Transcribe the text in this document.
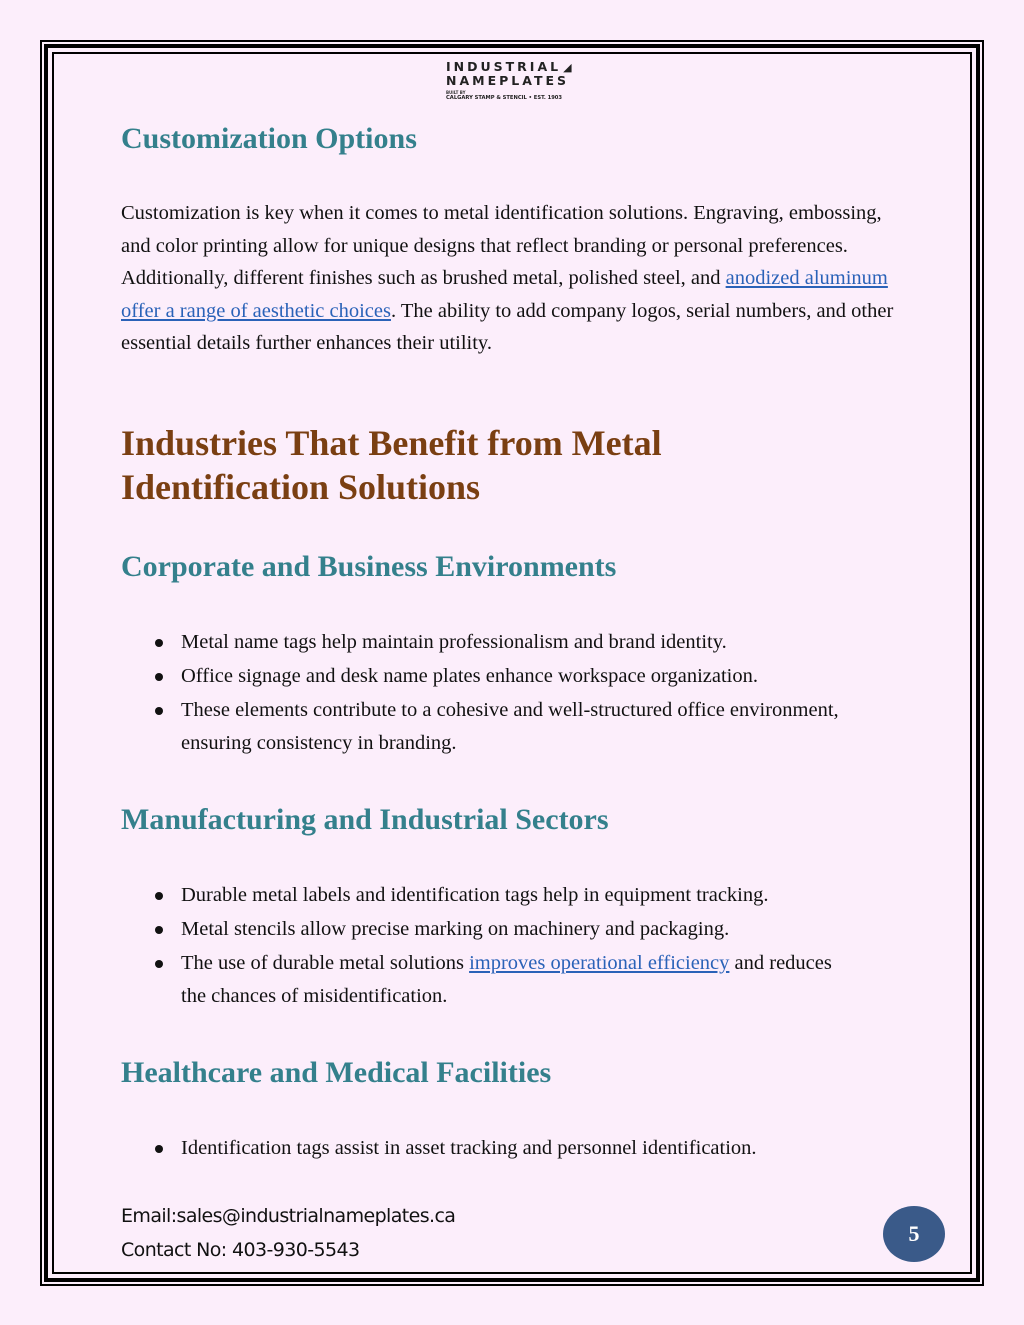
INDUSTRIAL ◢
NAMEPLATES
BUILT BY
CALGARY STAMP & STENCIL • EST. 1903
Customization Options

Customization is key when it comes to metal identification solutions. Engraving, embossing, and color printing allow for unique designs that reflect branding or personal preferences. Additionally, different finishes such as brushed metal, polished steel, and anodized aluminum offer a range of aesthetic choices. The ability to add company logos, serial numbers, and other essential details further enhances their utility.

Industries That Benefit from Metal
Identification Solutions
Corporate and Business Environments
Metal name tags help maintain professionalism and brand identity.
Office signage and desk name plates enhance workspace organization.
These elements contribute to a cohesive and well-structured office environment, ensuring consistency in branding.
Manufacturing and Industrial Sectors
Durable metal labels and identification tags help in equipment tracking.
Metal stencils allow precise marking on machinery and packaging.
The use of durable metal solutions improves operational efficiency and reduces the chances of misidentification.
Healthcare and Medical Facilities
Identification tags assist in asset tracking and personnel identification.
Email:sales@industrialnameplates.ca
Contact No: 403-930-5543
5
